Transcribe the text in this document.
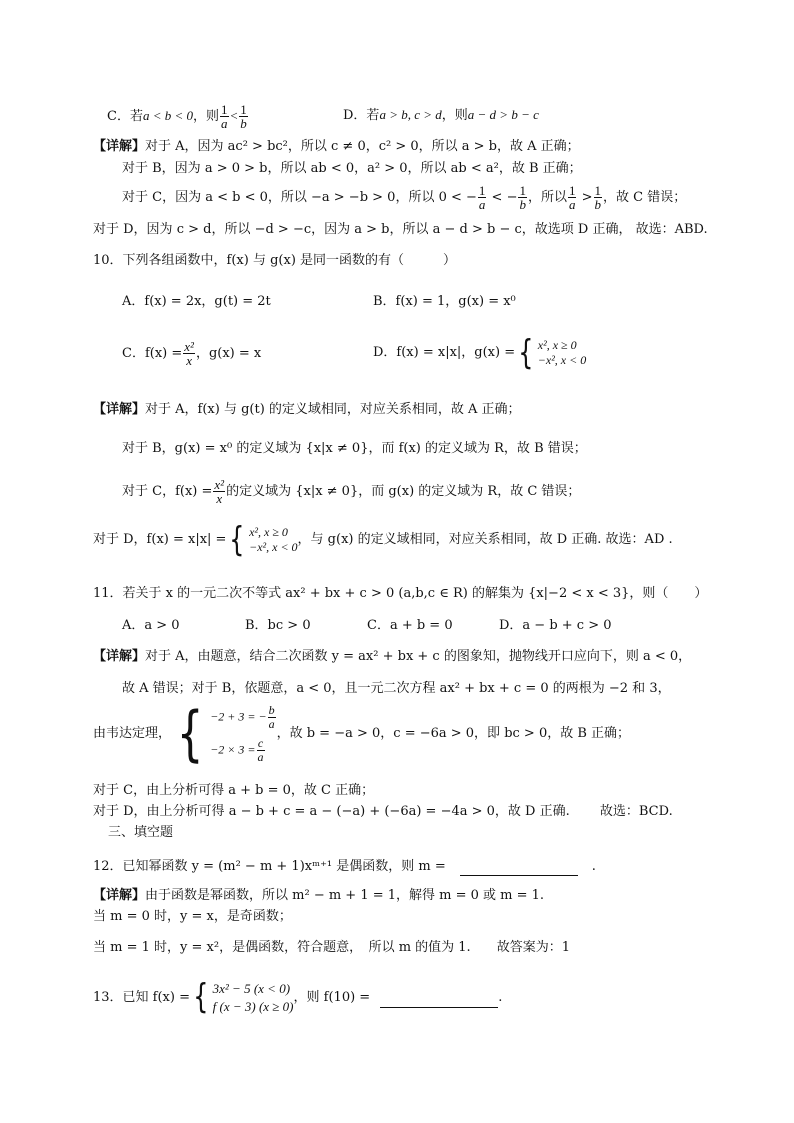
C．若a < b < 0，则 $\frac{1}{a} < \frac{1}{b}$	D．若a > b, c > d，则a − d > b − c
【详解】对于 A，因为 ac² > bc²，所以 c ≠ 0，c² > 0，所以 a > b，故 A 正确；
对于 B，因为 a > 0 > b，所以 ab < 0，a² > 0，所以 ab < a²，故 B 正确；
对于 C，因为 a < b < 0，所以 −a > −b > 0，所以 0 < − $\frac{1}{a}$ < − $\frac{1}{b}$ ，所以 $\frac{1}{a} > \frac{1}{b}$ ，故 C 错误；
对于 D，因为 c > d，所以 −d > −c，因为 a > b，所以 a − d > b − c，故选项 D 正确， 故选：ABD.
10．下列各组函数中，f(x) 与 g(x) 是同一函数的有（　　　）
A．f(x) = 2x，g(t) = 2t	B．f(x) = 1，g(x) = x⁰
C．$f(x) = \frac{\text{x²}}{x}$ ，g(x) = x	D．f(x) = x|x|，g(x) = { x², x ≥ 0
−x², x < 0
【详解】对于 A，f(x) 与 g(t) 的定义域相同，对应关系相同，故 A 正确；
对于 B，g(x) = x⁰ 的定义域为 {x|x ≠ 0}，而 f(x) 的定义域为 R，故 B 错误；
对于 C，$f(x) = \frac{\text{x²}}{x}$ 的定义域为 {x|x ≠ 0}，而 g(x) 的定义域为 R，故 C 错误；
对于 D，f(x) = x|x| = { x², x ≥ 0
−x², x < 0 ，与 g(x) 的定义域相同，对应关系相同，故 D 正确. 故选：AD .
11．若关于 x 的一元二次不等式 ax² + bx + c > 0 (a,b,c ∈ R) 的解集为 {x|−2 < x < 3}，则（　　）
A．a > 0	B．bc > 0	C．a + b = 0	D．a − b + c > 0
【详解】对于 A，由题意，结合二次函数 y = ax² + bx + c 的图象知，抛物线开口应向下，则 a < 0，
故 A 错误；对于 B，依题意，a < 0，且一元二次方程 ax² + bx + c = 0 的两根为 −2 和 3，
由韦达定理， { −2 + 3 = − $\frac{b}{a}$
$-2 \times 3 = \frac{c}{a}$
，故 b = −a > 0，c = −6a > 0，即 bc > 0，故 B 正确；
对于 C，由上分析可得 a + b = 0，故 C 正确；
对于 D，由上分析可得 a − b + c = a − (−a) + (−6a) = −4a > 0，故 D 正确.　　 故选：BCD.
三、填空题
12．已知幂函数 y = (m² − m + 1)xᵐ⁺¹ 是偶函数，则 m =	.
【详解】由于函数是幂函数，所以 m² − m + 1 = 1，解得 m = 0 或 m = 1.
当 m = 0 时，y = x，是奇函数；
当 m = 1 时，y = x²，是偶函数，符合题意，　所以 m 的值为 1.　　故答案为：1
13．已知 f(x) = { 3x² − 5 (x < 0)
f (x − 3) (x ≥ 0)
，则 f(10) =	.
